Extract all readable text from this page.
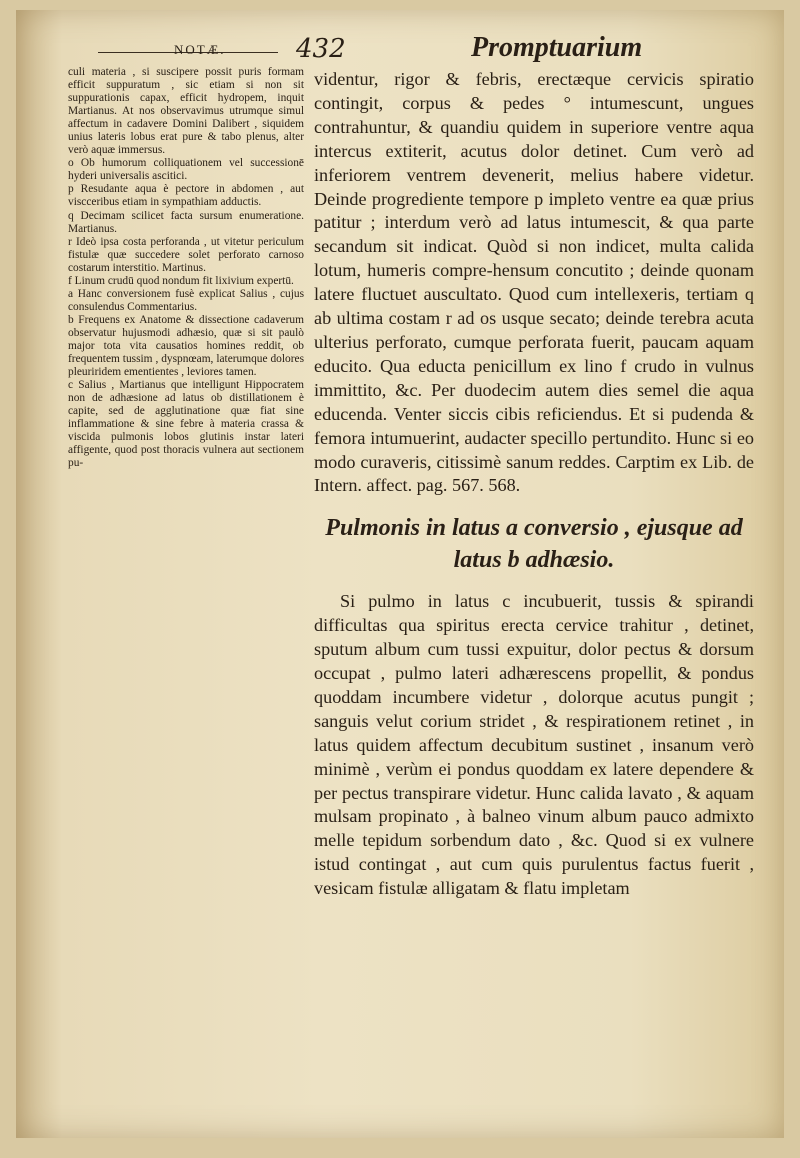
NOTÆ.	432	Promptuarium

culi materia , si suscipere possit puris formam efficit suppuratum , sic etiam si non sit suppurationis capax, efficit hydropem, inquit Martianus. At nos observavimus utrumque simul affectum in cadavere Domini Dalibert , siquidem unius lateris lobus erat pure & tabo plenus, alter verò aquæ immersus.

o Ob humorum colliquationem vel successionē hyderi universalis ascitici.

p Resudante aqua è pectore in abdomen , aut viscceribus etiam in sympathiam adductis.

q Decimam scilicet facta sursum enumeratione. Martianus.

r Ideò ipsa costa perforanda , ut vitetur periculum fistulæ quæ succedere solet perforato carnoso costarum interstitio. Martinus.

f Linum crudū quod nondum fit lixivium expertū.

a Hanc conversionem fusè explicat Salius , cujus consulendus Commentarius.

b Frequens ex Anatome & dissectione cadaverum observatur hujusmodi adhæsio, quæ si sit paulò major tota vita causatios homines reddit, ob frequentem tussim , dyspnœam, laterumque dolores pleuriridem ementientes , leviores tamen.

c Salius , Martianus que intelligunt Hippocratem non de adhæsione ad latus ob distillationem è capite, sed de agglutinatione quæ fiat sine inflammatione & sine febre à materia crassa & viscida pulmonis lobos glutinis instar lateri affigente, quod post thoracis vulnera aut sectionem pu-

videntur, rigor & febris, erectæque cervicis spiratio contingit, corpus & pedes ° intumescunt, ungues contrahuntur, & quandiu quidem in superiore ventre aqua intercus extiterit, acutus dolor detinet. Cum verò ad inferiorem ventrem devenerit, melius habere videtur. Deinde progrediente tempore p impleto ventre ea quæ prius patitur ; interdum verò ad latus intumescit, & qua parte secandum sit indicat. Quòd si non indicet, multa calida lotum, humeris compre-hensum concutito ; deinde quonam latere fluctuet auscultato. Quod cum intellexeris, tertiam q ab ultima costam r ad os usque secato; deinde terebra acuta ulterius perforato, cumque perforata fuerit, paucam aquam educito. Qua educta penicillum ex lino f crudo in vulnus immittito, &c. Per duodecim autem dies semel die aqua educenda. Venter siccis cibis reficiendus. Et si pudenda & femora intumuerint, audacter specillo pertundito. Hunc si eo modo curaveris, citissimè sanum reddes. Carptim ex Lib. de Intern. affect. pag. 567. 568.

Pulmonis in latus a conversio , ejusque ad latus b adhæsio.

Si pulmo in latus c incubuerit, tussis & spirandi difficultas qua spiritus erecta cervice trahitur , detinet, sputum album cum tussi expuitur, dolor pectus & dorsum occupat , pulmo lateri adhærescens propellit, & pondus quoddam incumbere videtur , dolorque acutus pungit ; sanguis velut corium stridet , & respirationem retinet , in latus quidem affectum decubitum sustinet , insanum verò minimè , verùm ei pondus quoddam ex latere dependere & per pectus transpirare videtur. Hunc calida lavato , & aquam mulsam propinato , à balneo vinum album pauco admixto melle tepidum sorbendum dato , &c. Quod si ex vulnere istud contingat , aut cum quis purulentus factus fuerit , vesicam fistulæ alligatam & flatu impletam
